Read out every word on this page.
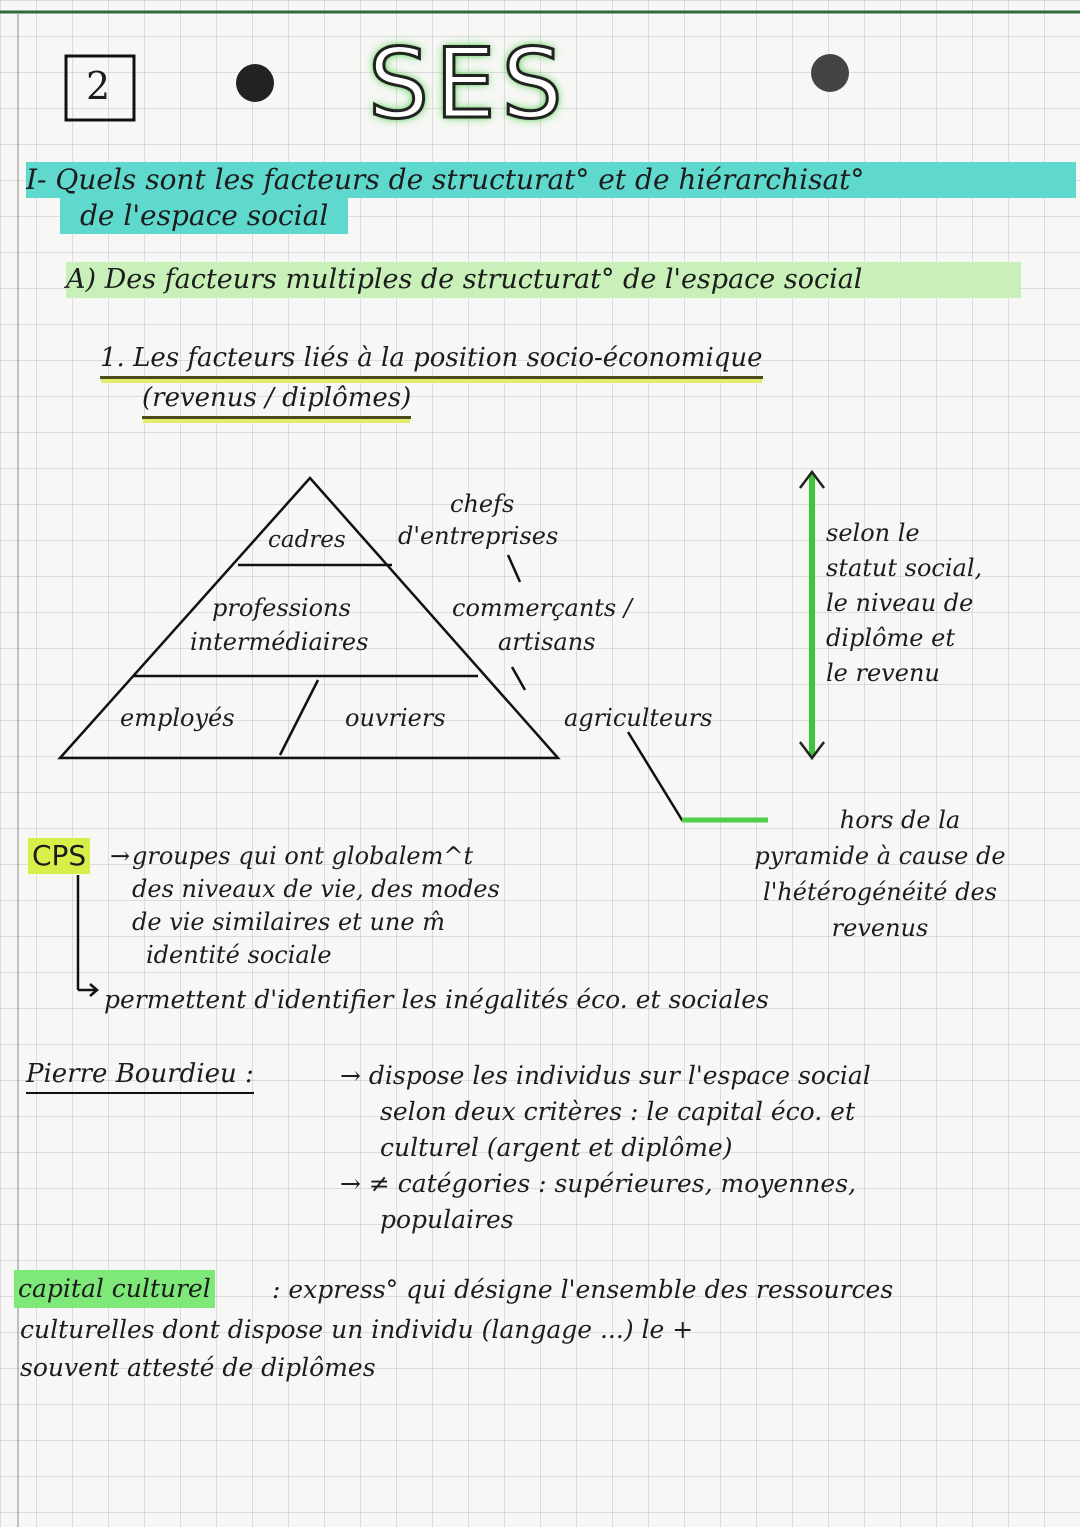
2	SES
I- Quels sont les facteurs de structurat° et de hiérarchisat°
de l'espace social
A) Des facteurs multiples de structurat° de l'espace social
1. Les facteurs liés à la position socio-économique
(revenus / diplômes)
cadres
chefs
d'entreprises
professions
intermédiaires
commerçants /
artisans
employés	ouvriers	agriculteurs
selon le
statut social,
le niveau de
diplôme et
le revenu
hors de la
pyramide à cause de
l'hétérogénéité des
revenus
CPS → groupes qui ont globalem^t
des niveaux de vie, des modes
de vie similaires et une m̂
identité sociale
permettent d'identifier les inégalités éco. et sociales
Pierre Bourdieu :	→ dispose les individus sur l'espace social
selon deux critères : le capital éco. et
culturel (argent et diplôme)
→ ≠ catégories : supérieures, moyennes,
populaires
capital culturel : express° qui désigne l'ensemble des ressources
culturelles dont dispose un individu (langage ...) le +
souvent attesté de diplômes
